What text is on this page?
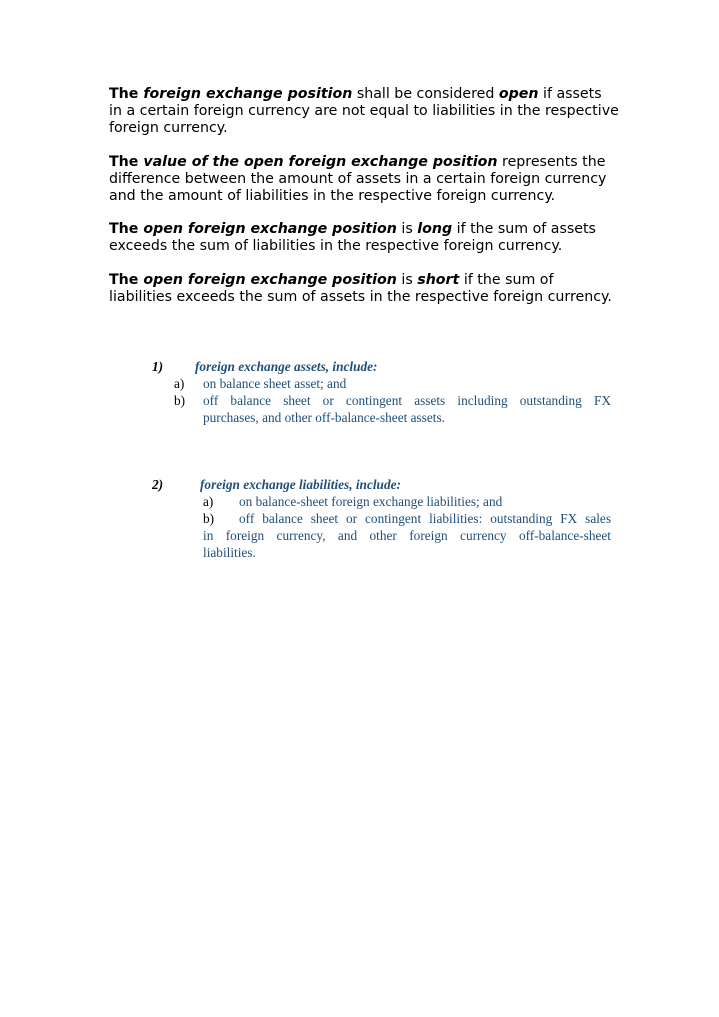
The foreign exchange position shall be considered open if assets in a certain foreign currency are not equal to liabilities in the respective foreign currency.

The value of the open foreign exchange position represents the difference between the amount of assets in a certain foreign currency and the amount of liabilities in the respective foreign currency.

The open foreign exchange position is long if the sum of assets exceeds the sum of liabilities in the respective foreign currency.

The open foreign exchange position is short if the sum of liabilities exceeds the sum of assets in the respective foreign currency.

1) foreign exchange assets, include:
a) on balance sheet asset; and
b) off balance sheet or contingent assets including outstanding FX
purchases, and other off-balance-sheet assets.
2)	foreign exchange liabilities, include:
a) on balance-sheet foreign exchange liabilities; and
b) off balance sheet or contingent liabilities: outstanding FX sales
in foreign currency, and other foreign currency off-balance-sheet
liabilities.
